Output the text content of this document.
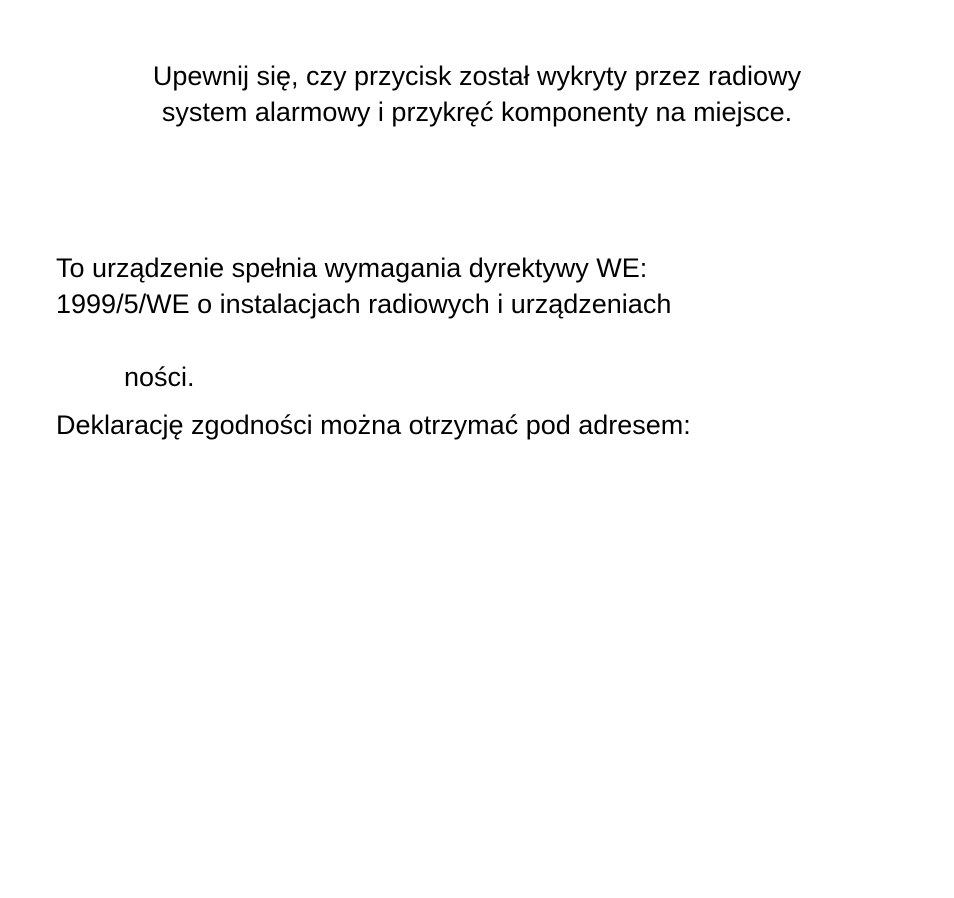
Upewnij się, czy przycisk został wykryty przez radiowy
system alarmowy i przykręć komponenty na miejsce.
To urządzenie spełnia wymagania dyrektywy WE:
1999/5/WE o instalacjach radiowych i urządzeniach
ności.
Deklarację zgodności można otrzymać pod adresem:
